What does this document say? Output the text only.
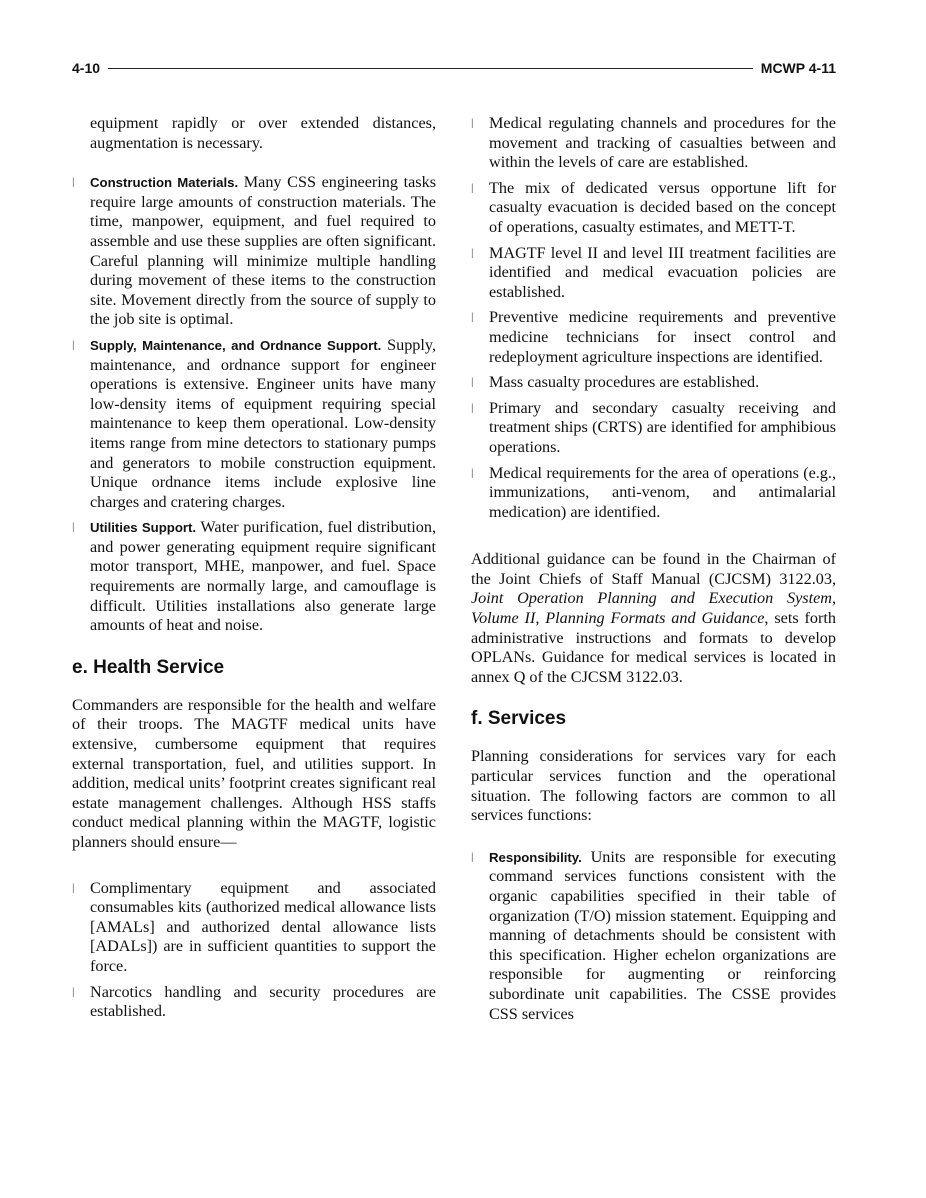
4-10	MCWP 4-11

equipment rapidly or over extended distances, augmentation is necessary.

|	Construction Materials. Many CSS engineering tasks require large amounts of construction materials. The time, manpower, equipment, and fuel required to assemble and use these supplies are often significant. Careful planning will minimize multiple handling during movement of these items to the construction site. Movement directly from the source of supply to the job site is optimal.

|	Supply, Maintenance, and Ordnance Support. Supply, maintenance, and ordnance support for engineer operations is extensive. Engineer units have many low-density items of equipment requiring special maintenance to keep them operational. Low-density items range from mine detectors to stationary pumps and generators to mobile construction equipment. Unique ordnance items include explosive line charges and cratering charges.

|	Utilities Support. Water purification, fuel distribution, and power generating equipment require significant motor transport, MHE, manpower, and fuel. Space requirements are normally large, and camouflage is difficult. Utilities installations also generate large amounts of heat and noise.

e. Health Service

Commanders are responsible for the health and welfare of their troops. The MAGTF medical units have extensive, cumbersome equipment that requires external transportation, fuel, and utilities support. In addition, medical units’ footprint creates significant real estate management challenges. Although HSS staffs conduct medical planning within the MAGTF, logistic planners should ensure—

| Complimentary equipment and associated consumables kits (authorized medical allowance lists [AMALs] and authorized dental allowance lists [ADALs]) are in sufficient quantities to support the force.

| Narcotics handling and security procedures are established.

| Medical regulating channels and procedures for the movement and tracking of casualties between and within the levels of care are established.

| The mix of dedicated versus opportune lift for casualty evacuation is decided based on the concept of operations, casualty estimates, and METT-T.

| MAGTF level II and level III treatment facilities are identified and medical evacuation policies are established.

| Preventive medicine requirements and preventive medicine technicians for insect control and redeployment agriculture inspections are identified.

| Mass casualty procedures are established.

| Primary and secondary casualty receiving and treatment ships (CRTS) are identified for amphibious operations.

| Medical requirements for the area of operations (e.g., immunizations, anti-venom, and antimalarial medication) are identified.

Additional guidance can be found in the Chairman of the Joint Chiefs of Staff Manual (CJCSM) 3122.03, Joint Operation Planning and Execution System, Volume II, Planning Formats and Guidance, sets forth administrative instructions and formats to develop OPLANs. Guidance for medical services is located in annex Q of the CJCSM 3122.03.

f. Services

Planning considerations for services vary for each particular services function and the operational situation. The following factors are common to all services functions:

|	Responsibility. Units are responsible for executing command services functions consistent with the organic capabilities specified in their table of organization (T/O) mission statement. Equipping and manning of detachments should be consistent with this specification. Higher echelon organizations are responsible for augmenting or reinforcing subordinate unit capabilities. The CSSE provides CSS services
